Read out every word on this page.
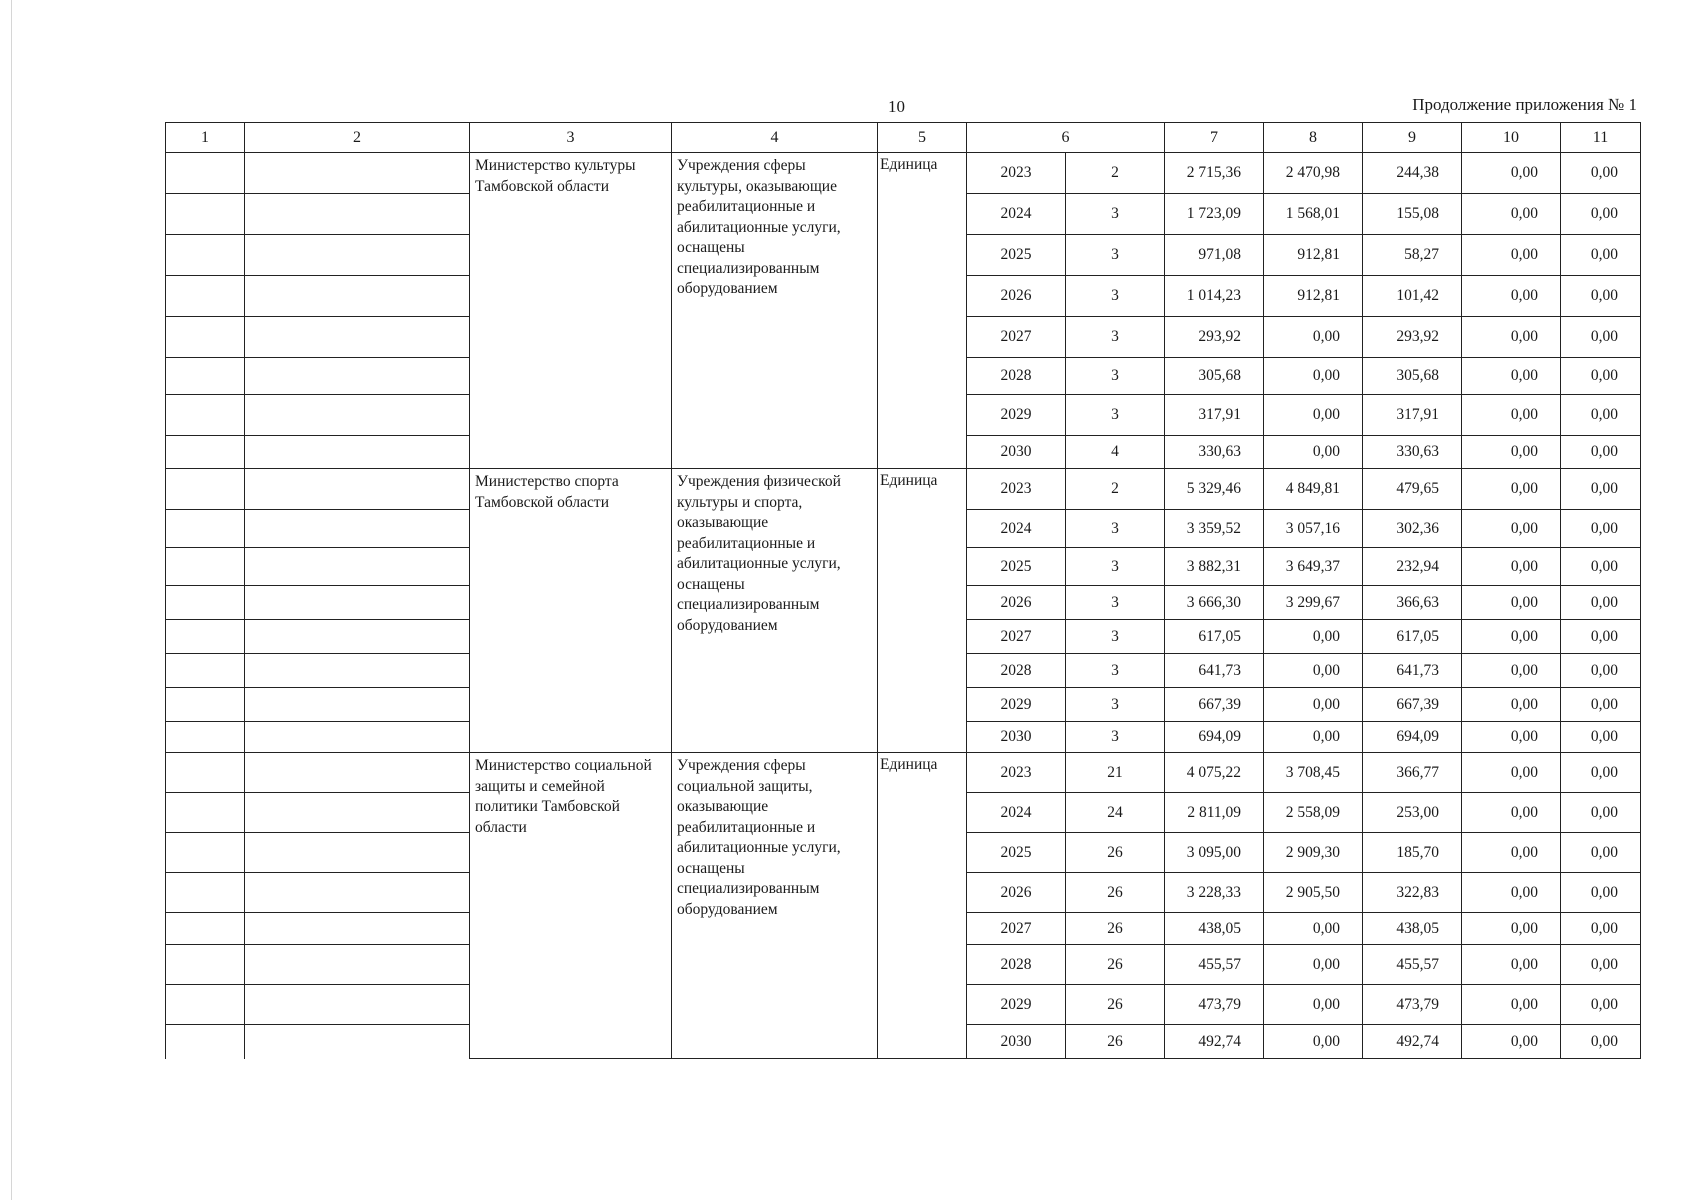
10	Продолжение приложения № 1
1	2	3	4	5	6		7	8	9	10	11
		Министерство культуры Тамбовской области	Учреждения сферы культуры, оказывающие реабилитационные и абилитационные услуги, оснащены специализированным оборудованием	Единица	2023	2	2 715,36	2 470,98	244,38	0,00	0,00
					2024	3	1 723,09	1 568,01	155,08	0,00	0,00
					2025	3	971,08	912,81	58,27	0,00	0,00
					2026	3	1 014,23	912,81	101,42	0,00	0,00
					2027	3	293,92	0,00	293,92	0,00	0,00
					2028	3	305,68	0,00	305,68	0,00	0,00
					2029	3	317,91	0,00	317,91	0,00	0,00
					2030	4	330,63	0,00	330,63	0,00	0,00
		Министерство спорта Тамбовской области	Учреждения физической культуры и спорта, оказывающие реабилитационные и абилитационные услуги, оснащены специализированным оборудованием	Единица	2023	2	5 329,46	4 849,81	479,65	0,00	0,00
					2024	3	3 359,52	3 057,16	302,36	0,00	0,00
					2025	3	3 882,31	3 649,37	232,94	0,00	0,00
					2026	3	3 666,30	3 299,67	366,63	0,00	0,00
					2027	3	617,05	0,00	617,05	0,00	0,00
					2028	3	641,73	0,00	641,73	0,00	0,00
					2029	3	667,39	0,00	667,39	0,00	0,00
					2030	3	694,09	0,00	694,09	0,00	0,00
		Министерство социальной защиты и семейной политики Тамбовской области	Учреждения сферы социальной защиты, оказывающие реабилитационные и абилитационные услуги, оснащены специализированным оборудованием	Единица	2023	21	4 075,22	3 708,45	366,77	0,00	0,00
					2024	24	2 811,09	2 558,09	253,00	0,00	0,00
					2025	26	3 095,00	2 909,30	185,70	0,00	0,00
					2026	26	3 228,33	2 905,50	322,83	0,00	0,00
					2027	26	438,05	0,00	438,05	0,00	0,00
					2028	26	455,57	0,00	455,57	0,00	0,00
					2029	26	473,79	0,00	473,79	0,00	0,00
					2030	26	492,74	0,00	492,74	0,00	0,00
